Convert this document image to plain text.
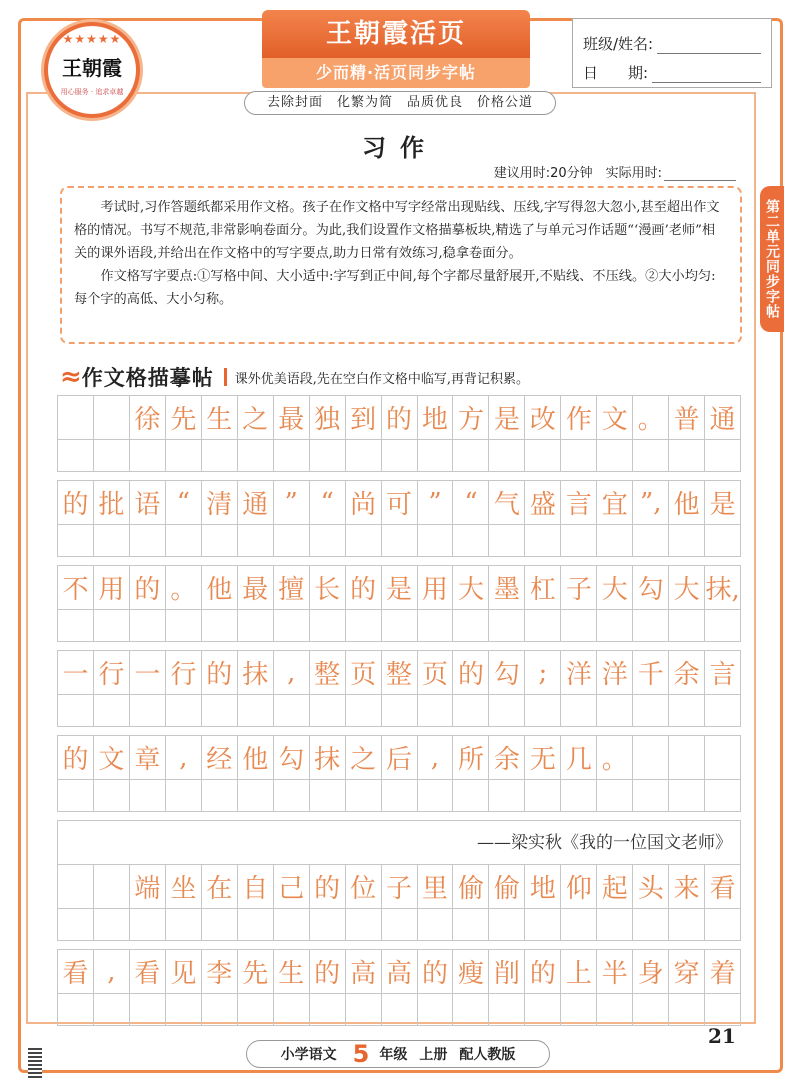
★★★★★
王朝霞
用心服务 · 追求卓越
王朝霞活页
少而精·活页同步字帖
班级/姓名:
日　　期:
去除封面　化繁为简　品质优良　价格公道
习作
建议用时:20分钟　实际用时:
第二单元同步字帖

考试时,习作答题纸都采用作文格。孩子在作文格中写字经常出现贴线、压线,字写得忽大忽小,甚至超出作文格的情况。书写不规范,非常影响卷面分。为此,我们设置作文格描摹板块,精选了与单元习作话题“‘漫画’老师”相关的课外语段,并给出在作文格中的写字要点,助力日常有效练习,稳拿卷面分。

作文格写字要点:①写格中间、大小适中:字写到正中间,每个字都尽量舒展开,不贴线、不压线。②大小均匀:每个字的高低、大小匀称。

≈ 作文格描摹帖 课外优美语段,先在空白作文格中临写,再背记积累。
徐 先 生 之 最 独 到 的 地 方 是 改 作 文 。 普 通
的 批 语 “ 清 通 ” “ 尚 可 ” “ 气 盛 言 宜 ”, 他 是
不 用 的 。 他 最 擅 长 的 是 用 大 墨 杠 子 大 勾 大 抹,
一 行 一 行 的 抹 , 整 页 整 页 的 勾 ; 洋 洋 千 余 言
的 文 章 , 经 他 勾 抹 之 后 , 所 余 无 几 。
——梁实秋《我的一位国文老师》
端 坐 在 自 己 的 位 子 里 偷 偷 地 仰 起 头 来 看
看 , 看 见 李 先 生 的 高 高 的 瘦 削 的 上 半 身 穿 着
小学语文 5 年级 上册 配人教版
21
